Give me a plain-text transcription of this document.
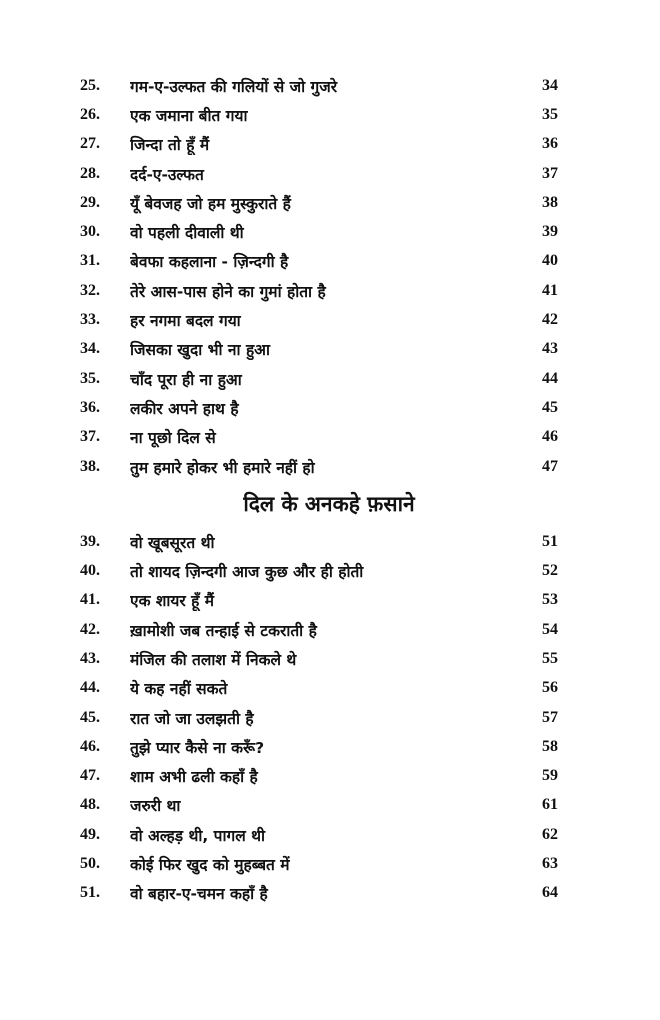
25.	गम-ए-उल्फत की गलियों से जो गुजरे	34
26.	एक जमाना बीत गया	35
27.	जिन्दा तो हूँ मैं	36
28.	दर्द-ए-उल्फत	37
29.	यूँ बेवजह जो हम मुस्कुराते हैं	38
30.	वो पहली दीवाली थी	39
31.	बेवफा कहलाना - ज़िन्दगी है	40
32.	तेरे आस-पास होने का गुमां होता है	41
33.	हर नगमा बदल गया	42
34.	जिसका खुदा भी ना हुआ	43
35.	चाँद पूरा ही ना हुआ	44
36.	लकीर अपने हाथ है	45
37.	ना पूछो दिल से	46
38.	तुम हमारे होकर भी हमारे नहीं हो	47
दिल के अनकहे फ़साने
39.	वो खूबसूरत थी	51
40.	तो शायद ज़िन्दगी आज कुछ और ही होती	52
41.	एक शायर हूँ मैं	53
42.	ख़ामोशी जब तन्हाई से टकराती है	54
43.	मंजिल की तलाश में निकले थे	55
44.	ये कह नहीं सकते	56
45.	रात जो जा उलझती है	57
46.	तुझे प्यार कैसे ना करूँ?	58
47.	शाम अभी ढली कहाँ है	59
48.	जरुरी था	61
49.	वो अल्हड़ थी, पागल थी	62
50.	कोई फिर खुद को मुहब्बत में	63
51.	वो बहार-ए-चमन कहाँ है	64
